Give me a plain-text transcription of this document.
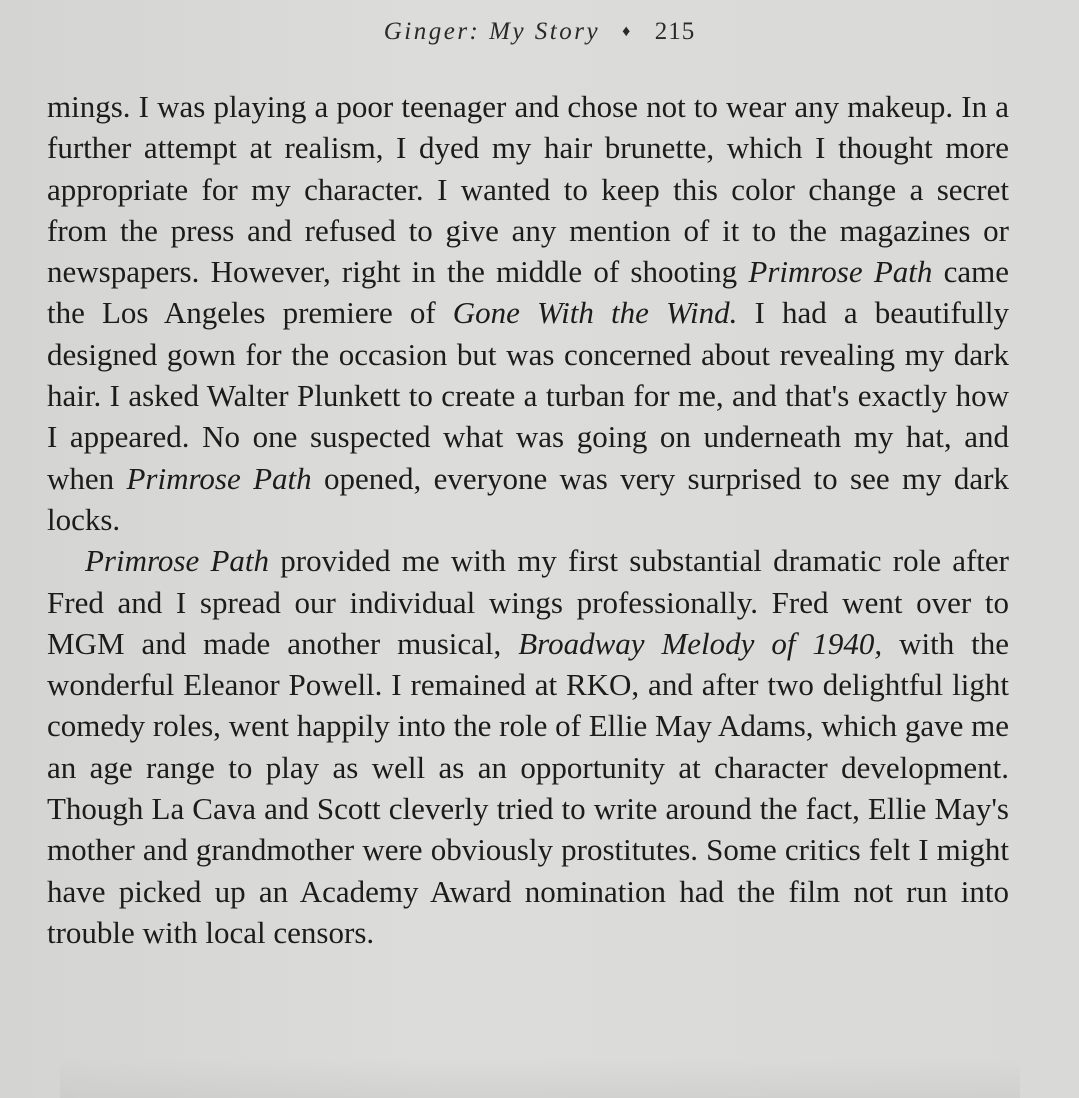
Ginger: My Story ♦ 215

mings. I was playing a poor teenager and chose not to wear any makeup. In a further attempt at realism, I dyed my hair brunette, which I thought more appropriate for my character. I wanted to keep this color change a secret from the press and refused to give any mention of it to the magazines or newspapers. However, right in the middle of shooting Primrose Path came the Los Angeles premiere of Gone With the Wind. I had a beautifully designed gown for the occasion but was concerned about revealing my dark hair. I asked Walter Plunkett to create a turban for me, and that's exactly how I appeared. No one suspected what was going on underneath my hat, and when Primrose Path opened, everyone was very surprised to see my dark locks.

Primrose Path provided me with my first substantial dramatic role after Fred and I spread our individual wings professionally. Fred went over to MGM and made another musical, Broadway Melody of 1940, with the wonderful Eleanor Powell. I remained at RKO, and after two delightful light comedy roles, went happily into the role of Ellie May Adams, which gave me an age range to play as well as an opportunity at character development. Though La Cava and Scott cleverly tried to write around the fact, Ellie May's mother and grandmother were obviously prostitutes. Some critics felt I might have picked up an Academy Award nomination had the film not run into trouble with local censors.
